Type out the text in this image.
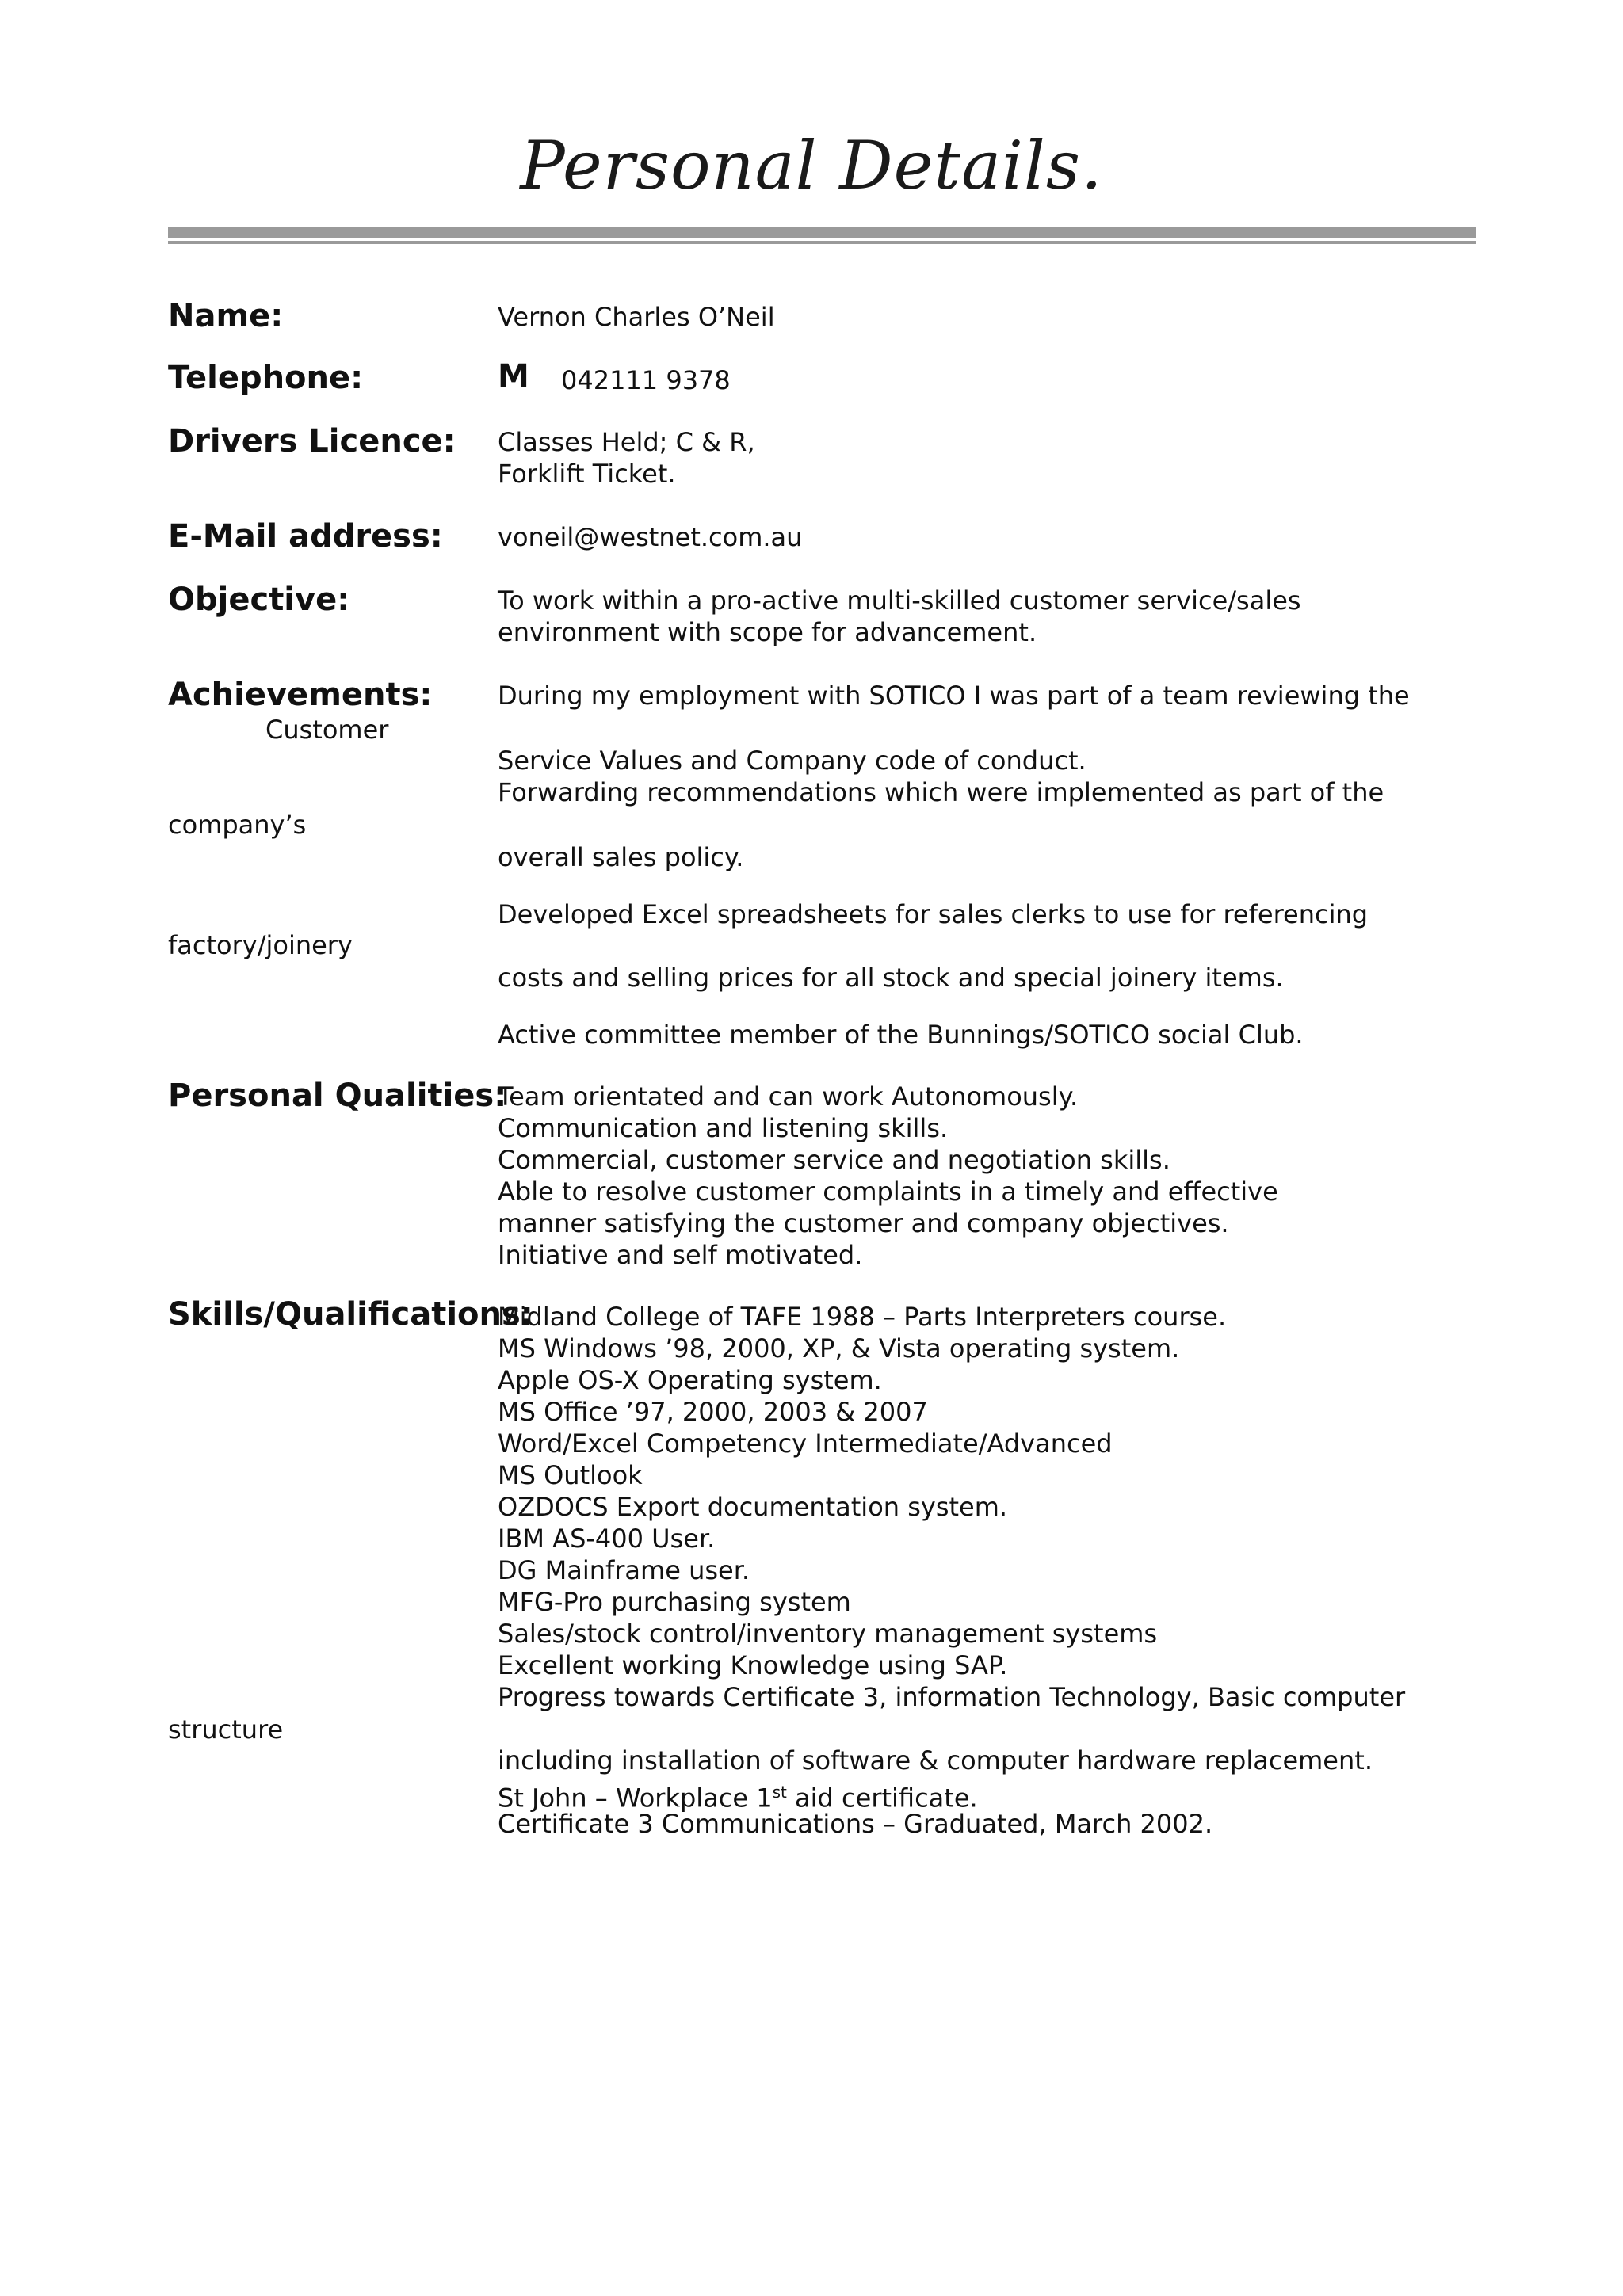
Personal Details.
Name:	Vernon Charles O’Neil
Telephone:	M 042111 9378
Drivers Licence: Classes Held; C & R,
Forklift Ticket.
E-Mail address: voneil@westnet.com.au
Objective:	To work within a pro-active multi-skilled customer service/sales
environment with scope for advancement.
Achievements:	During my employment with SOTICO I was part of a team reviewing the
Customer
Service Values and Company code of conduct.
Forwarding recommendations which were implemented as part of the
company’s
overall sales policy.
Developed Excel spreadsheets for sales clerks to use for referencing
factory/joinery
costs and selling prices for all stock and special joinery items.
Active committee member of the Bunnings/SOTICO social Club.
Personal Qualities:
Team orientated and can work Autonomously.
Communication and listening skills.
Commercial, customer service and negotiation skills.
Able to resolve customer complaints in a timely and effective
manner satisfying the customer and company objectives.
Initiative and self motivated.
Skills/Qualifications:
Midland College of TAFE 1988 – Parts Interpreters course.
MS Windows ’98, 2000, XP, & Vista operating system.
Apple OS-X Operating system.
MS Office ’97, 2000, 2003 & 2007
Word/Excel Competency Intermediate/Advanced
MS Outlook
OZDOCS Export documentation system.
IBM AS-400 User.
DG Mainframe user.
MFG-Pro purchasing system
Sales/stock control/inventory management systems
Excellent working Knowledge using SAP.
Progress towards Certificate 3, information Technology, Basic computer
structure
including installation of software & computer hardware replacement.
St John – Workplace 1st aid certificate.
Certificate 3 Communications – Graduated, March 2002.
